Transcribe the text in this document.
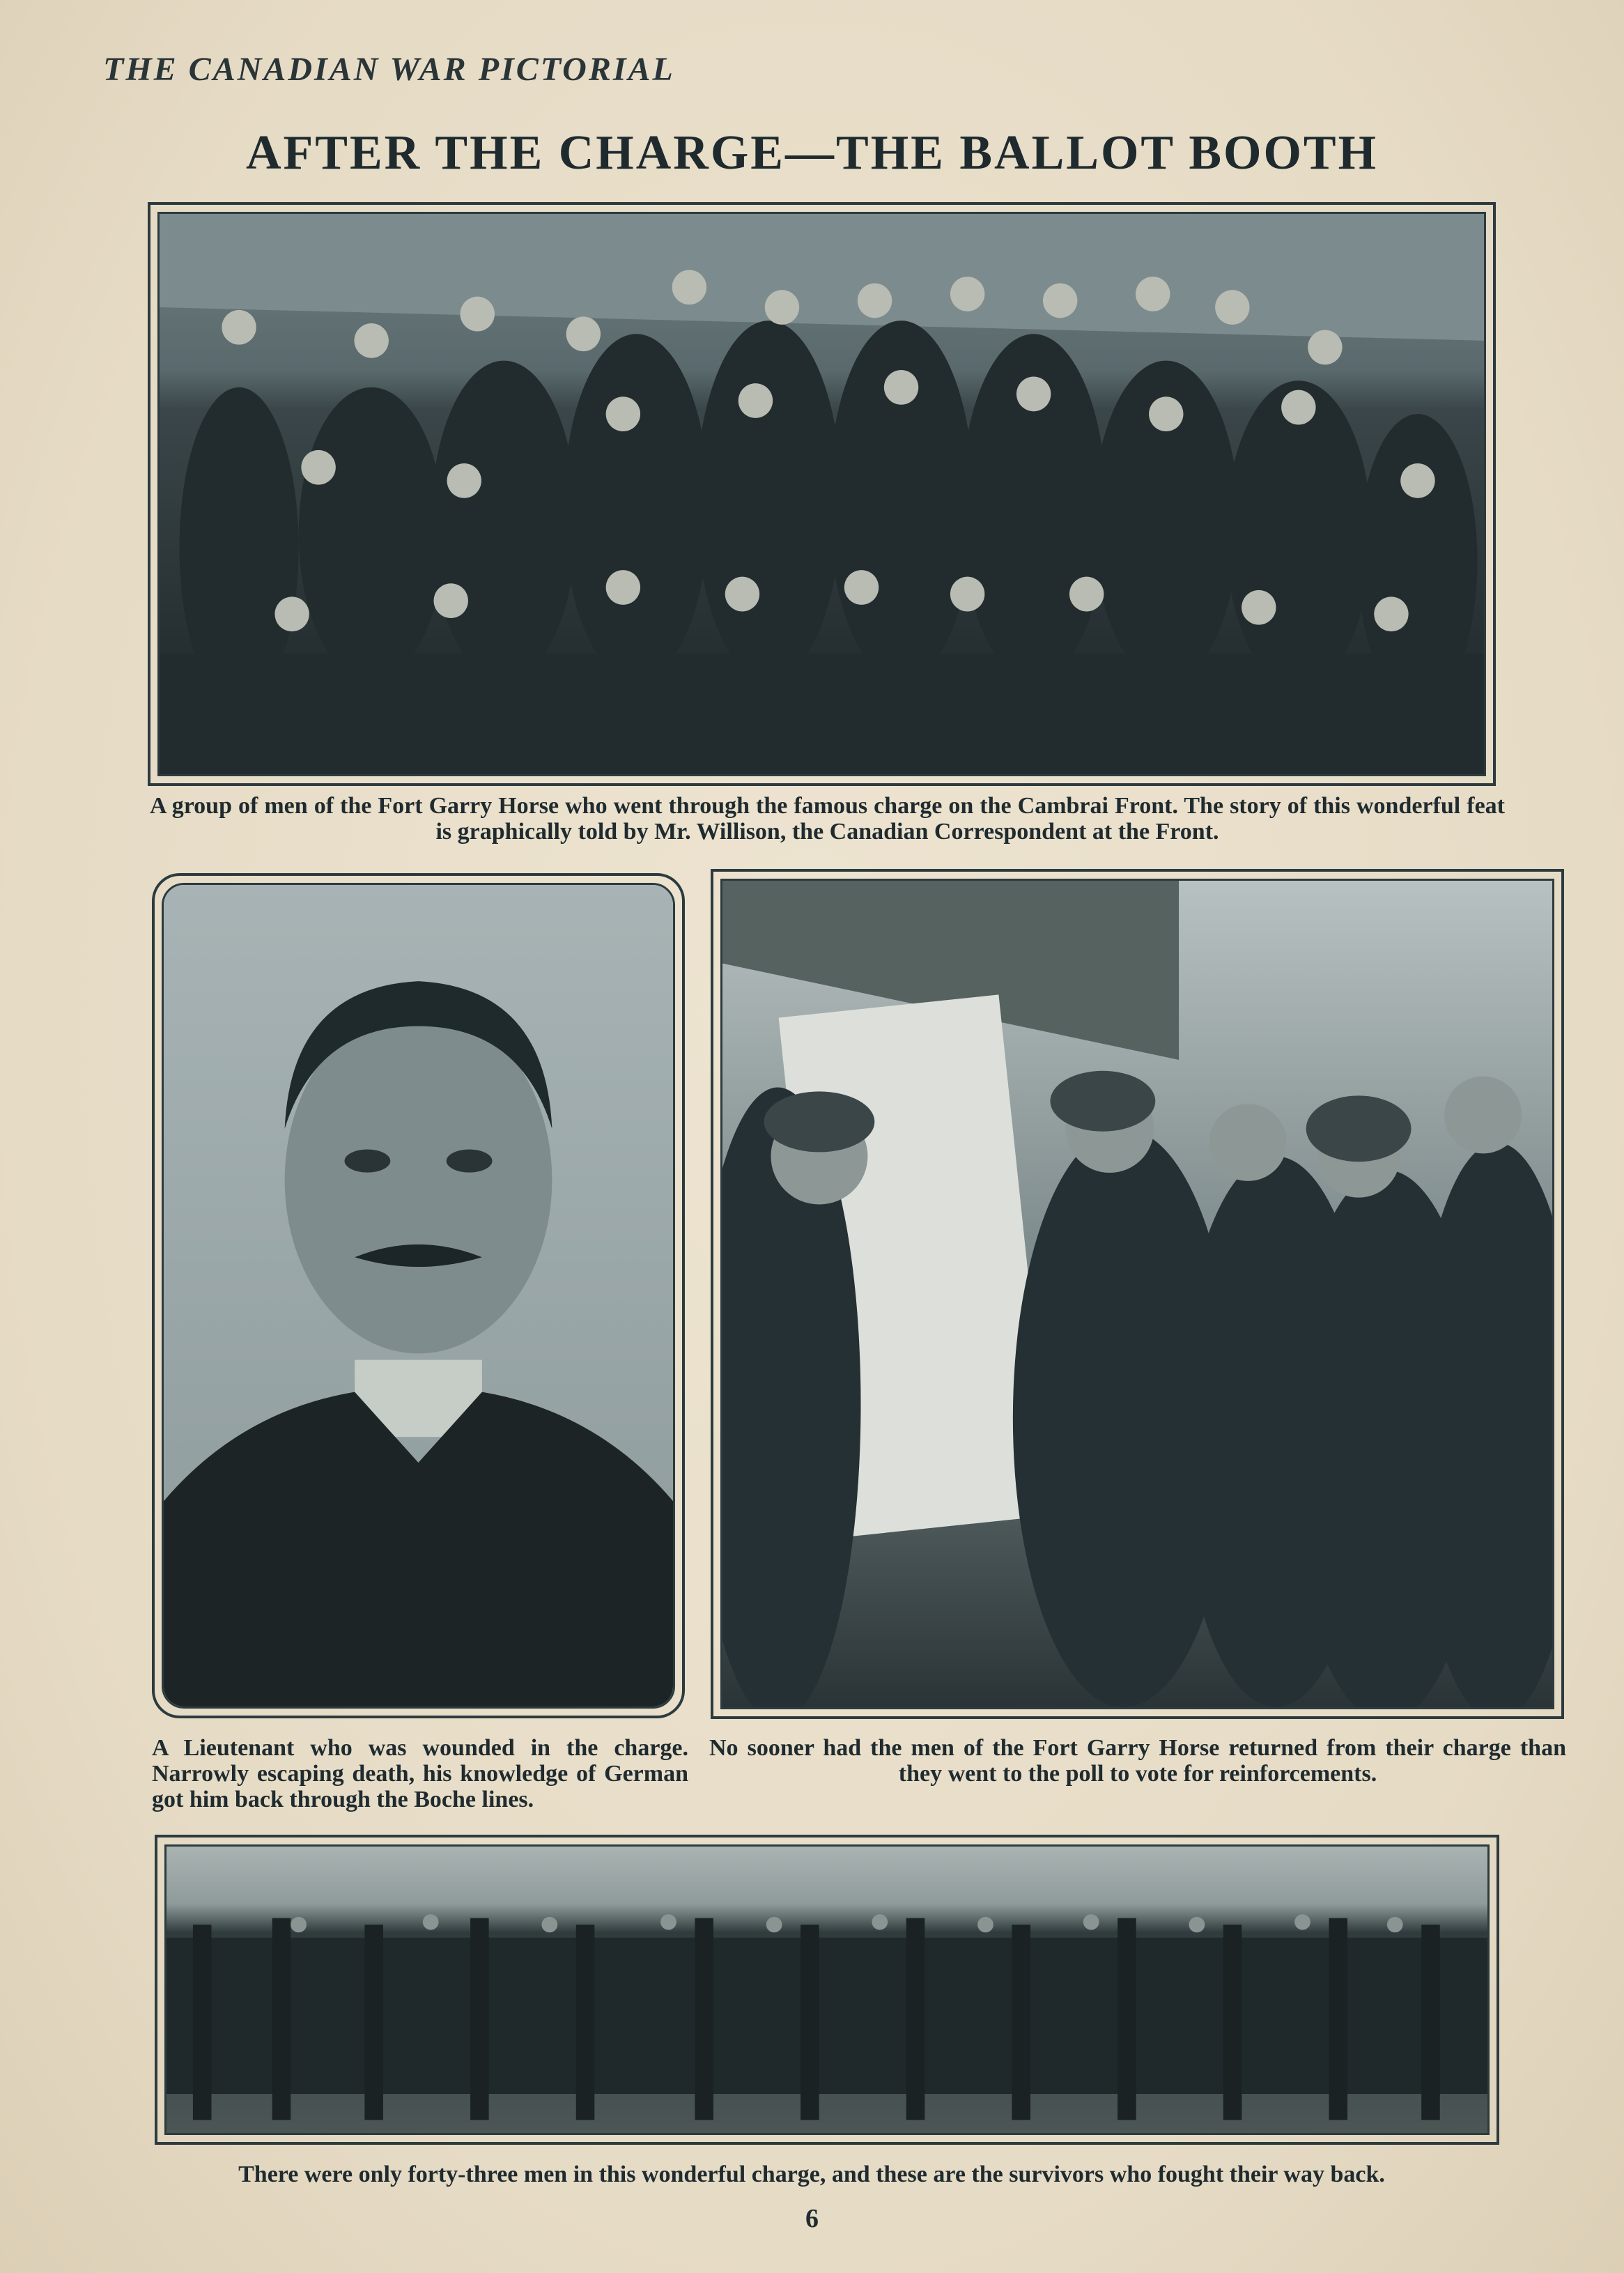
THE CANADIAN WAR PICTORIAL
AFTER THE CHARGE—THE BALLOT BOOTH
A group of men of the Fort Garry Horse who went through the famous charge on the Cambrai Front. The story of this wonderful feat is graphically told by Mr. Willison, the Canadian Correspondent at the Front.
A Lieutenant who was wounded in the charge. Narrowly escaping death, his knowledge of German got him back through the Boche lines.
No sooner had the men of the Fort Garry Horse returned from their charge than they went to the poll to vote for reinforcements.
There were only forty-three men in this wonderful charge, and these are the survivors who fought their way back.
6
